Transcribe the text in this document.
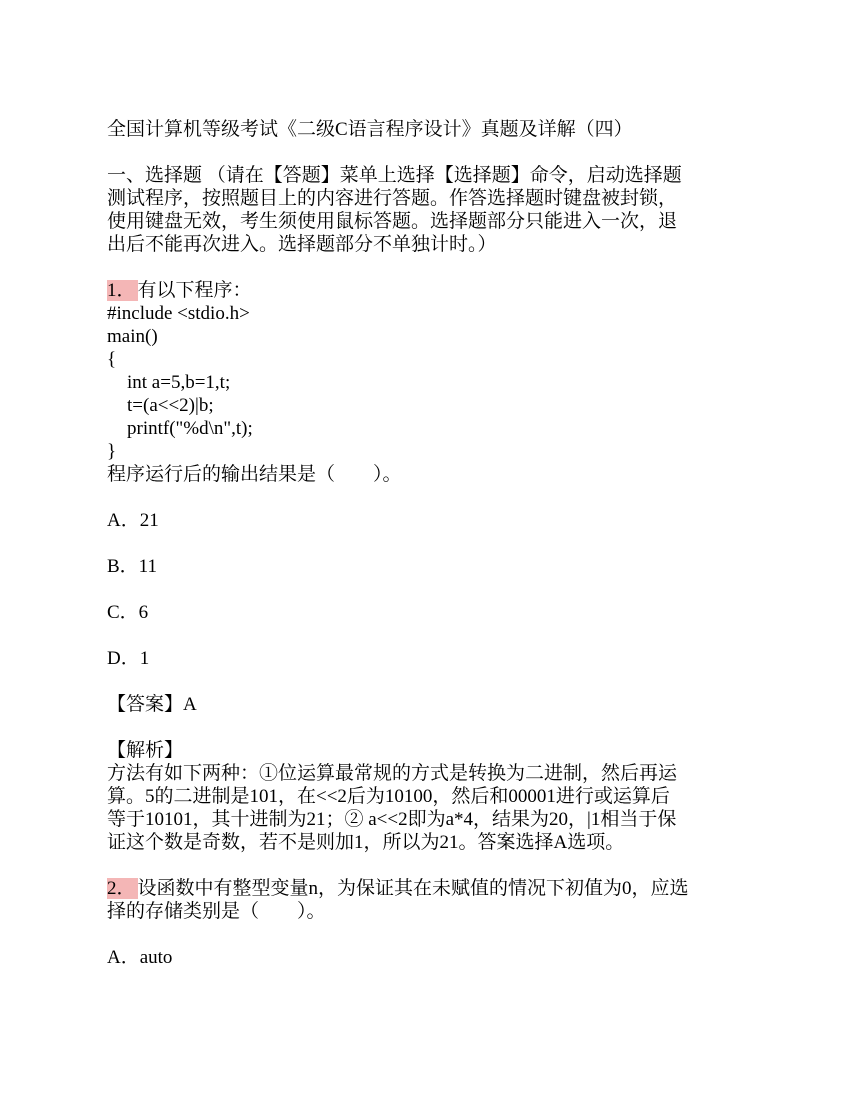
全国计算机等级考试《二级C语言程序设计》真题及详解（四）
一、选择题 （请在【答题】菜单上选择【选择题】命令，启动选择题
测试程序，按照题目上的内容进行答题。作答选择题时键盘被封锁，
使用键盘无效，考生须使用鼠标答题。选择题部分只能进入一次，退
出后不能再次进入。选择题部分不单独计时。）
1． 有以下程序：
#include <stdio.h>
main()
{
int a=5,b=1,t;
t=(a<<2)|b;
printf("%d\n",t);
}
程序运行后的输出结果是（　　）。
A．21
B．11
C．6
D．1
【答案】A
【解析】
方法有如下两种：①位运算最常规的方式是转换为二进制，然后再运
算。5的二进制是101，在<<2后为10100，然后和00001进行或运算后
等于10101，其十进制为21；② a<<2即为a*4，结果为20，|1相当于保
证这个数是奇数，若不是则加1，所以为21。答案选择A选项。
2． 设函数中有整型变量n，为保证其在未赋值的情况下初值为0，应选
择的存储类别是（　　）。
A．auto
